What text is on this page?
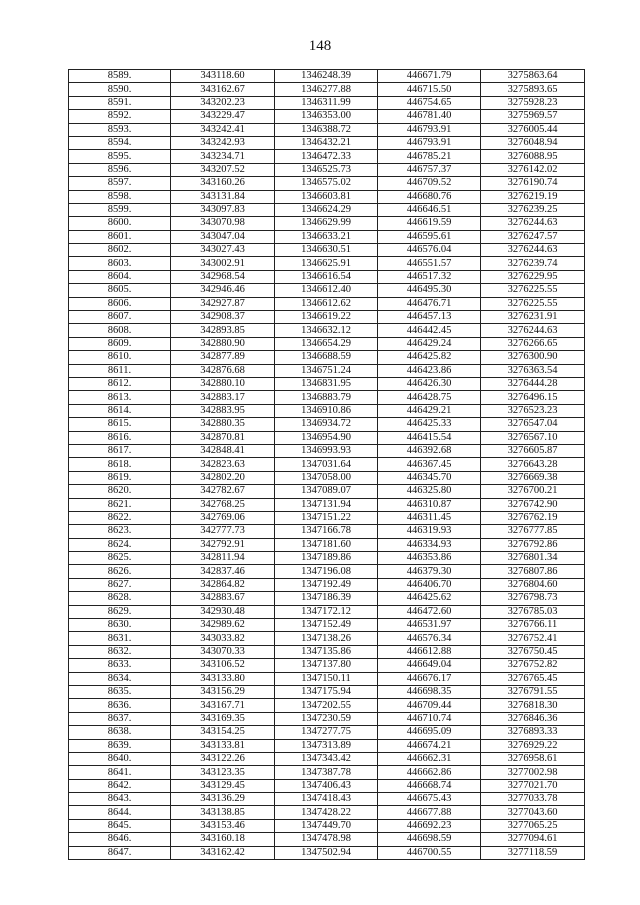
148
8589.	343118.60	1346248.39	446671.79	3275863.64
8590.	343162.67	1346277.88	446715.50	3275893.65
8591.	343202.23	1346311.99	446754.65	3275928.23
8592.	343229.47	1346353.00	446781.40	3275969.57
8593.	343242.41	1346388.72	446793.91	3276005.44
8594.	343242.93	1346432.21	446793.91	3276048.94
8595.	343234.71	1346472.33	446785.21	3276088.95
8596.	343207.52	1346525.73	446757.37	3276142.02
8597.	343160.26	1346575.02	446709.52	3276190.74
8598.	343131.84	1346603.81	446680.76	3276219.19
8599.	343097.83	1346624.29	446646.51	3276239.25
8600.	343070.98	1346629.99	446619.59	3276244.63
8601.	343047.04	1346633.21	446595.61	3276247.57
8602.	343027.43	1346630.51	446576.04	3276244.63
8603.	343002.91	1346625.91	446551.57	3276239.74
8604.	342968.54	1346616.54	446517.32	3276229.95
8605.	342946.46	1346612.40	446495.30	3276225.55
8606.	342927.87	1346612.62	446476.71	3276225.55
8607.	342908.37	1346619.22	446457.13	3276231.91
8608.	342893.85	1346632.12	446442.45	3276244.63
8609.	342880.90	1346654.29	446429.24	3276266.65
8610.	342877.89	1346688.59	446425.82	3276300.90
8611.	342876.68	1346751.24	446423.86	3276363.54
8612.	342880.10	1346831.95	446426.30	3276444.28
8613.	342883.17	1346883.79	446428.75	3276496.15
8614.	342883.95	1346910.86	446429.21	3276523.23
8615.	342880.35	1346934.72	446425.33	3276547.04
8616.	342870.81	1346954.90	446415.54	3276567.10
8617.	342848.41	1346993.93	446392.68	3276605.87
8618.	342823.63	1347031.64	446367.45	3276643.28
8619.	342802.20	1347058.00	446345.70	3276669.38
8620.	342782.67	1347089.07	446325.80	3276700.21
8621.	342768.25	1347131.94	446310.87	3276742.90
8622.	342769.06	1347151.22	446311.45	3276762.19
8623.	342777.73	1347166.78	446319.93	3276777.85
8624.	342792.91	1347181.60	446334.93	3276792.86
8625.	342811.94	1347189.86	446353.86	3276801.34
8626.	342837.46	1347196.08	446379.30	3276807.86
8627.	342864.82	1347192.49	446406.70	3276804.60
8628.	342883.67	1347186.39	446425.62	3276798.73
8629.	342930.48	1347172.12	446472.60	3276785.03
8630.	342989.62	1347152.49	446531.97	3276766.11
8631.	343033.82	1347138.26	446576.34	3276752.41
8632.	343070.33	1347135.86	446612.88	3276750.45
8633.	343106.52	1347137.80	446649.04	3276752.82
8634.	343133.80	1347150.11	446676.17	3276765.45
8635.	343156.29	1347175.94	446698.35	3276791.55
8636.	343167.71	1347202.55	446709.44	3276818.30
8637.	343169.35	1347230.59	446710.74	3276846.36
8638.	343154.25	1347277.75	446695.09	3276893.33
8639.	343133.81	1347313.89	446674.21	3276929.22
8640.	343122.26	1347343.42	446662.31	3276958.61
8641.	343123.35	1347387.78	446662.86	3277002.98
8642.	343129.45	1347406.43	446668.74	3277021.70
8643.	343136.29	1347418.43	446675.43	3277033.78
8644.	343138.85	1347428.22	446677.88	3277043.60
8645.	343153.46	1347449.70	446692.23	3277065.25
8646.	343160.18	1347478.98	446698.59	3277094.61
8647.	343162.42	1347502.94	446700.55	3277118.59
